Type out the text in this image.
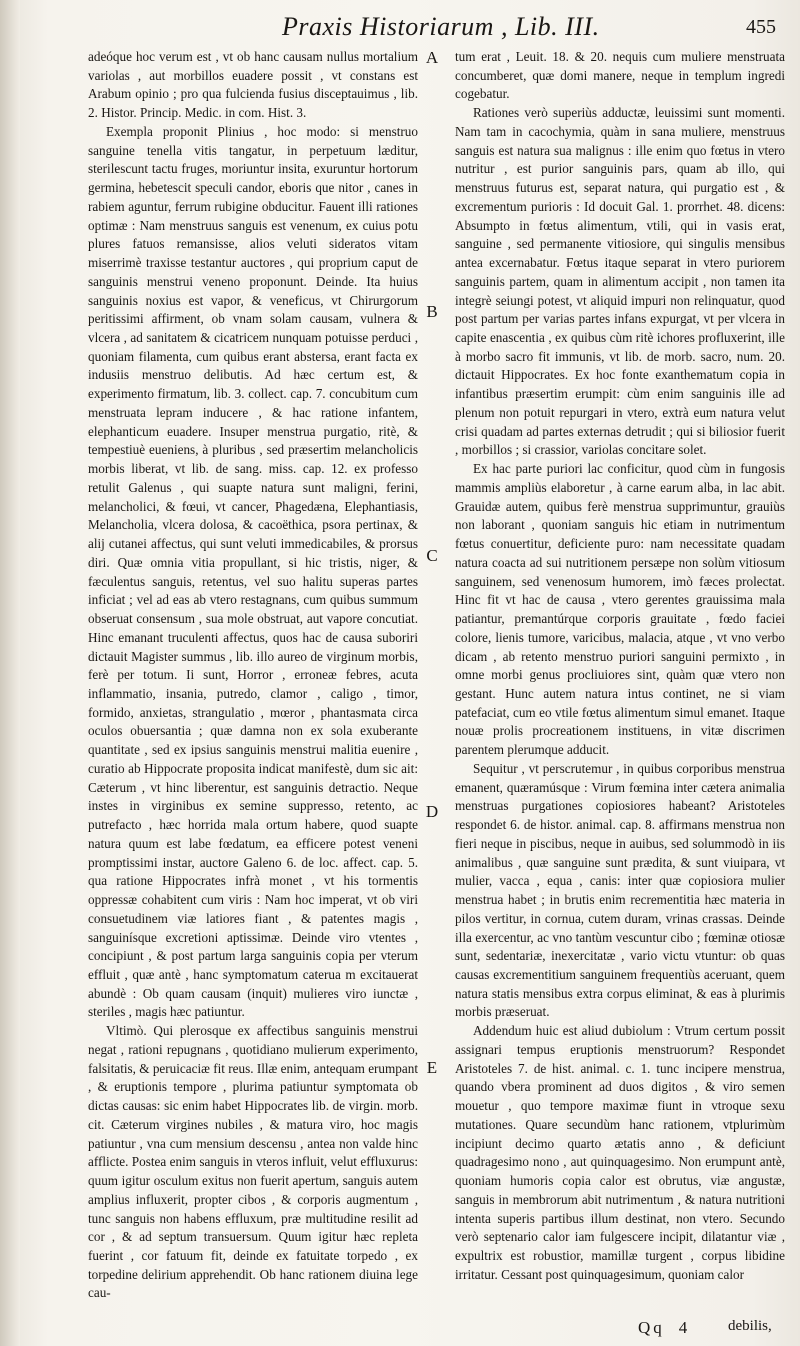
Praxis Historiarum , Lib. III.	455

adeóque hoc verum est , vt ob hanc causam nullus mortalium variolas , aut morbillos euadere possit , vt constans est Arabum opinio ; pro qua fulcienda fusius disceptauimus , lib. 2. Histor. Princip. Medic. in com. Hist. 3.

Exempla proponit Plinius , hoc modo: si menstruo sanguine tenella vitis tangatur, in perpetuum læditur, sterilescunt tactu fruges, moriuntur insita, exuruntur hortorum germina, hebetescit speculi candor, eboris que nitor , canes in rabiem aguntur, ferrum rubigine obducitur. Fauent illi rationes optimæ : Nam menstruus sanguis est venenum, ex cuius potu plures fatuos remansisse, alios veluti sideratos vitam miserrimè traxisse testantur auctores , qui proprium caput de sanguinis menstrui veneno proponunt. Deinde. Ita huius sanguinis noxius est vapor, & veneficus, vt Chirurgorum peritissimi affirment, ob vnam solam causam, vulnera & vlcera , ad sanitatem & cicatricem nunquam potuisse perduci , quoniam filamenta, cum quibus erant abstersa, erant facta ex indusiis menstruo delibutis. Ad hæc certum est, & experimento firmatum, lib. 3. collect. cap. 7. concubitum cum menstruata lepram inducere , & hac ratione infantem, elephanticum euadere. Insuper menstrua purgatio, ritè, & tempestiuè eueniens, à pluribus , sed præsertim melancholicis morbis liberat, vt lib. de sang. miss. cap. 12. ex professo retulit Galenus , qui suapte natura sunt maligni, ferini, melancholici, & fœui, vt cancer, Phagedæna, Elephantiasis, Melancholia, vlcera dolosa, & cacoëthica, psora pertinax, & alij cutanei affectus, qui sunt veluti immedicabiles, & prorsus diri. Quæ omnia vitia propullant, si hic tristis, niger, & fæculentus sanguis, retentus, vel suo halitu superas partes inficiat ; vel ad eas ab vtero restagnans, cum quibus summum obseruat consensum , sua mole obstruat, aut vapore concutiat. Hinc emanant truculenti affectus, quos hac de causa suboriri dictauit Magister summus , lib. illo aureo de virginum morbis, ferè per totum. Ii sunt, Horror , erroneæ febres, acuta inflammatio, insania, putredo, clamor , caligo , timor, formido, anxietas, strangulatio , mœror , phantasmata circa oculos obuersantia ; quæ damna non ex sola exuberante quantitate , sed ex ipsius sanguinis menstrui malitia euenire , curatio ab Hippocrate proposita indicat manifestè, dum sic ait: Cæterum , vt hinc liberentur, est sanguinis detractio. Neque instes in virginibus ex semine suppresso, retento, ac putrefacto , hæc horrida mala ortum habere, quod suapte natura quum est labe fœdatum, ea efficere potest veneni promptissimi instar, auctore Galeno 6. de loc. affect. cap. 5. qua ratione Hippocrates infrà monet , vt his tormentis oppressæ cohabitent cum viris : Nam hoc imperat, vt ob viri consuetudinem viæ latiores fiant , & patentes magis , sanguinísque excretioni aptissimæ. Deinde viro vtentes , concipiunt , & post partum larga sanguinis copia per vterum effluit , quæ antè , hanc symptomatum caterua m excitauerat abundè : Ob quam causam (inquit) mulieres viro iunctæ , steriles , magis hæc patiuntur.

Vltimò. Qui plerosque ex affectibus sanguinis menstrui negat , rationi repugnans , quotidiano mulierum experimento, falsitatis, & peruicaciæ fit reus. Illæ enim, antequam erumpant , & eruptionis tempore , plurima patiuntur symptomata ob dictas causas: sic enim habet Hippocrates lib. de virgin. morb. cit. Cæterum virgines nubiles , & matura viro, hoc magis patiuntur , vna cum mensium descensu , antea non valde hinc afflicte. Postea enim sanguis in vteros influit, velut effluxurus: quum igitur osculum exitus non fuerit apertum, sanguis autem amplius influxerit, propter cibos , & corporis augmentum , tunc sanguis non habens effluxum, præ multitudine resilit ad cor , & ad septum transuersum. Quum igitur hæc repleta fuerint , cor fatuum fit, deinde ex fatuitate torpedo , ex torpedine delirium apprehendit. Ob hanc rationem diuina lege cau-

tum erat , Leuit. 18. & 20. nequis cum muliere menstruata concumberet, quæ domi manere, neque in templum ingredi cogebatur.

Rationes verò superiùs adductæ, leuissimi sunt momenti. Nam tam in cacochymia, quàm in sana muliere, menstruus sanguis est natura sua malignus : ille enim quo fœtus in vtero nutritur , est purior sanguinis pars, quam ab illo, qui menstruus futurus est, separat natura, qui purgatio est , & excrementum purioris : Id docuit Gal. 1. prorrhet. 48. dicens: Absumpto in fœtus alimentum, vtili, qui in vasis erat, sanguine , sed permanente vitiosiore, qui singulis mensibus antea excernabatur. Fœtus itaque separat in vtero puriorem sanguinis partem, quam in alimentum accipit , non tamen ita integrè seiungi potest, vt aliquid impuri non relinquatur, quod post partum per varias partes infans expurgat, vt per vlcera in capite enascentia , ex quibus cùm ritè ichores profluxerint, ille à morbo sacro fit immunis, vt lib. de morb. sacro, num. 20. dictauit Hippocrates. Ex hoc fonte exanthematum copia in infantibus præsertim erumpit: cùm enim sanguinis ille ad plenum non potuit repurgari in vtero, extrà eum natura velut crisi quadam ad partes externas detrudit ; qui si biliosior fuerit , morbillos ; si crassior, variolas concitare solet.

Ex hac parte puriori lac conficitur, quod cùm in fungosis mammis ampliùs elaboretur , à carne earum alba, in lac abit. Grauidæ autem, quibus ferè menstrua supprimuntur, grauiùs non laborant , quoniam sanguis hic etiam in nutrimentum fœtus conuertitur, deficiente puro: nam necessitate quadam natura coacta ad sui nutritionem persæpe non solùm vitiosum sanguinem, sed venenosum humorem, imò fæces prolectat. Hinc fit vt hac de causa , vtero gerentes grauissima mala patiantur, premantúrque corporis grauitate , fœdo faciei colore, lienis tumore, varicibus, malacia, atque , vt vno verbo dicam , ab retento menstruo puriori sanguini permixto , in omne morbi genus procliuiores sint, quàm quæ vtero non gestant. Hunc autem natura intus continet, ne si viam patefaciat, cum eo vtile fœtus alimentum simul emanet. Itaque nouæ prolis procreationem instituens, in vitæ discrimen parentem plerumque adducit.

Sequitur , vt perscrutemur , in quibus corporibus menstrua emanent, quæramúsque : Virum fœmina inter cætera animalia menstruas purgationes copiosiores habeant? Aristoteles respondet 6. de histor. animal. cap. 8. affirmans menstrua non fieri neque in piscibus, neque in auibus, sed solummodò in iis animalibus , quæ sanguine sunt prædita, & sunt viuipara, vt mulier, vacca , equa , canis: inter quæ copiosiora mulier menstrua habet ; in brutis enim recrementitia hæc materia in pilos vertitur, in cornua, cutem duram, vrinas crassas. Deinde illa exercentur, ac vno tantùm vescuntur cibo ; fœminæ otiosæ sunt, sedentariæ, inexercitatæ , vario victu vtuntur: ob quas causas excrementitium sanguinem frequentiùs aceruant, quem natura statis mensibus extra corpus eliminat, & eas à plurimis morbis præseruat.

Addendum huic est aliud dubiolum : Vtrum certum possit assignari tempus eruptionis menstruorum? Respondet Aristoteles 7. de hist. animal. c. 1. tunc incipere menstrua, quando vbera prominent ad duos digitos , & viro semen mouetur , quo tempore maximæ fiunt in vtroque sexu mutationes. Quare secundùm hanc rationem, vtplurimùm incipiunt decimo quarto ætatis anno , & deficiunt quadragesimo nono , aut quinquagesimo. Non erumpunt antè, quoniam humoris copia calor est obrutus, viæ angustæ, sanguis in membrorum abit nutrimentum , & natura nutritioni intenta superis partibus illum destinat, non vtero. Secundo verò septenario calor iam fulgescere incipit, dilatantur viæ , expultrix est robustior, mamillæ turgent , corpus libidine irritatur. Cessant post quinquagesimum, quoniam calor

A
B
C
D
E
Qq 4	debilis,
